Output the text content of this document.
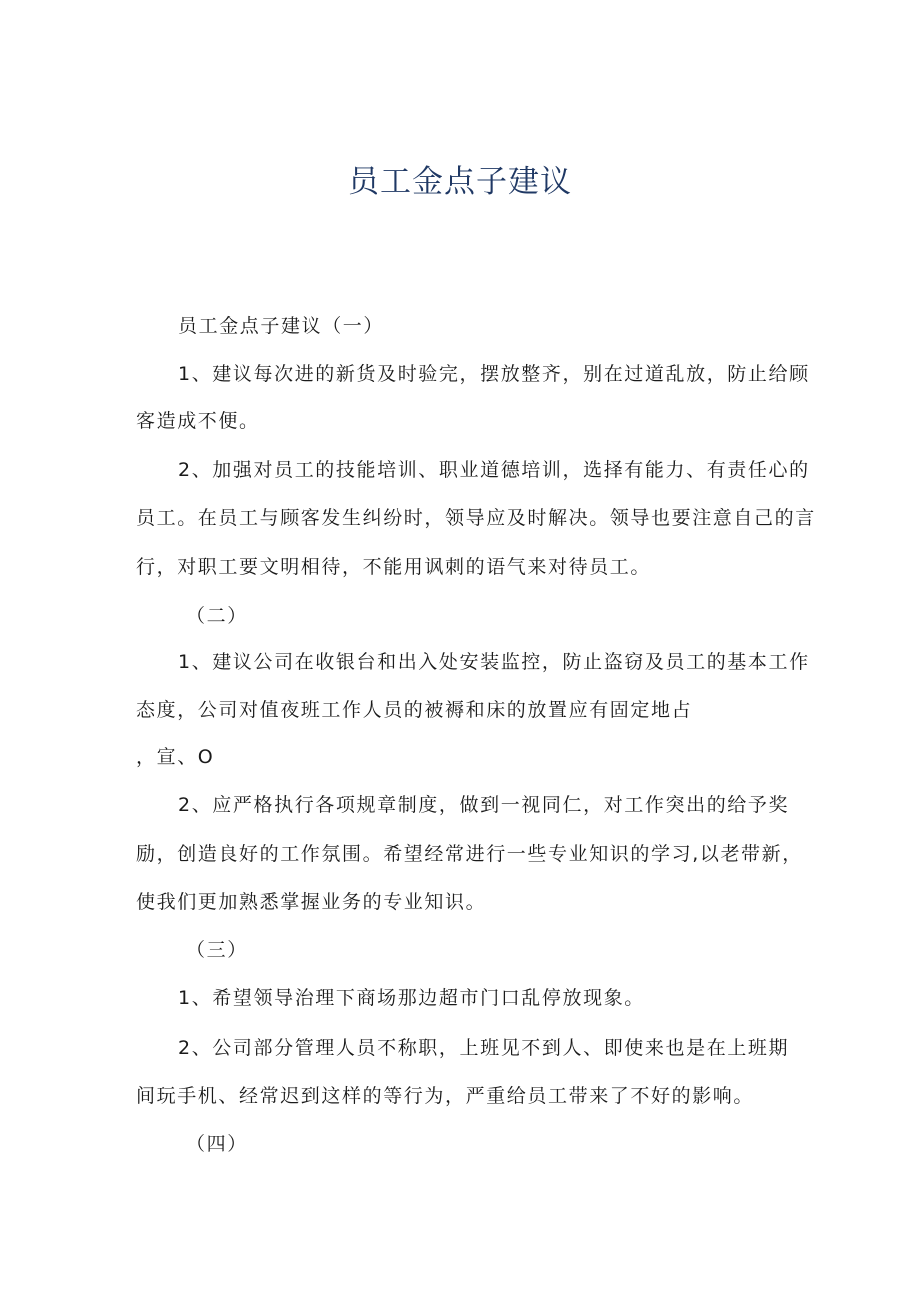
员工金点子建议
员工金点子建议（一）
1、建议每次进的新货及时验完，摆放整齐，别在过道乱放，防止给顾
客造成不便。
2、加强对员工的技能培训、职业道德培训，选择有能力、有责任心的
员工。在员工与顾客发生纠纷时，领导应及时解决。领导也要注意自己的言
行，对职工要文明相待，不能用讽刺的语气来对待员工。
（二）
1、建议公司在收银台和出入处安装监控，防止盗窃及员工的基本工作
态度，公司对值夜班工作人员的被褥和床的放置应有固定地占
，宣、O
2、应严格执行各项规章制度，做到一视同仁，对工作突出的给予奖
励，创造良好的工作氛围。希望经常进行一些专业知识的学习,以老带新，
使我们更加熟悉掌握业务的专业知识。
（三）
1、希望领导治理下商场那边超市门口乱停放现象。
2、公司部分管理人员不称职，上班见不到人、即使来也是在上班期
间玩手机、经常迟到这样的等行为，严重给员工带来了不好的影响。
（四）
